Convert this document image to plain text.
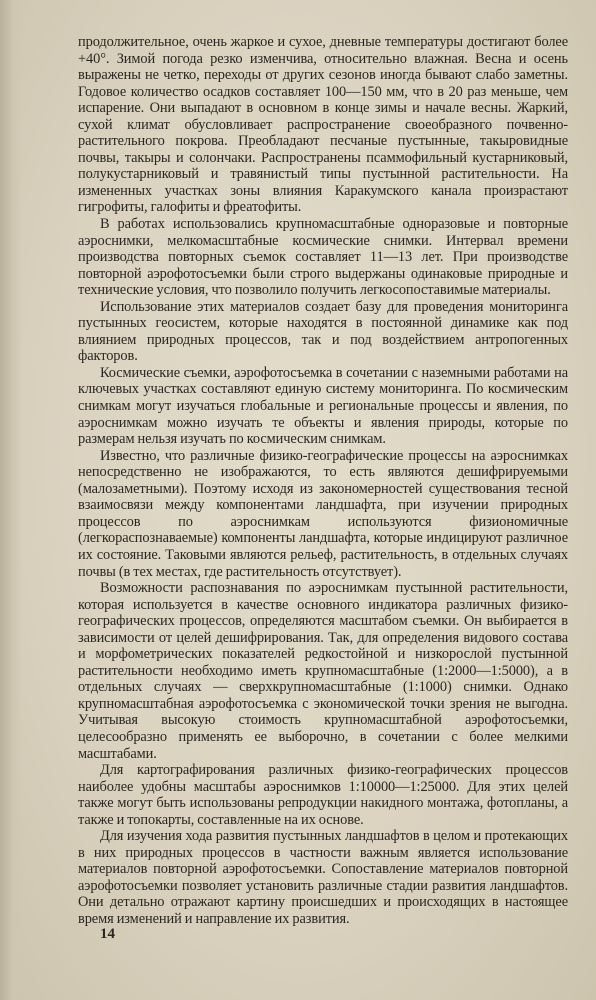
продолжительное, очень жаркое и сухое, дневные температуры достигают более +40°. Зимой погода резко изменчива, относительно влажная. Весна и осень выражены не четко, переходы от других сезонов иногда бывают слабо заметны. Годовое количество осадков составляет 100—150 мм, что в 20 раз меньше, чем испарение. Они выпадают в основном в конце зимы и начале весны. Жаркий, сухой климат обусловливает распространение своеобразного почвенно-растительного покрова. Преобладают песчаные пустынные, такыровидные почвы, такыры и солончаки. Распространены псаммофильный кустарниковый, полукустарниковый и травянистый типы пустынной растительности. На измененных участках зоны влияния Каракумского канала произрастают гигрофиты, галофиты и фреатофиты.

В работах использовались крупномасштабные одноразовые и повторные аэроснимки, мелкомасштабные космические снимки. Интервал времени производства повторных съемок составляет 11—13 лет. При производстве повторной аэрофотосъемки были строго выдержаны одинаковые природные и технические условия, что позволило получить легкосопоставимые материалы.

Использование этих материалов создает базу для проведения мониторинга пустынных геосистем, которые находятся в постоянной динамике как под влиянием природных процессов, так и под воздействием антропогенных факторов.

Космические съемки, аэрофотосъемка в сочетании с наземными работами на ключевых участках составляют единую систему мониторинга. По космическим снимкам могут изучаться глобальные и региональные процессы и явления, по аэроснимкам можно изучать те объекты и явления природы, которые по размерам нельзя изучать по космическим снимкам.

Известно, что различные физико-географические процессы на аэроснимках непосредственно не изображаются, то есть являются дешифрируемыми (малозаметными). Поэтому исходя из закономерностей существования тесной взаимосвязи между компонентами ландшафта, при изучении природных процессов по аэроснимкам используются физиономичные (легкораспознаваемые) компоненты ландшафта, которые индицируют различное их состояние. Таковыми являются рельеф, растительность, в отдельных случаях почвы (в тех местах, где растительность отсутствует).

Возможности распознавания по аэроснимкам пустынной растительности, которая используется в качестве основного индикатора различных физико-географических процессов, определяются масштабом съемки. Он выбирается в зависимости от целей дешифрирования. Так, для определения видового состава и морфометрических показателей редкостойной и низкорослой пустынной растительности необходимо иметь крупномасштабные (1:2000—1:5000), а в отдельных случаях — сверхкрупномасштабные (1:1000) снимки. Однако крупномасштабная аэрофотосъемка с экономической точки зрения не выгодна. Учитывая высокую стоимость крупномасштабной аэрофотосъемки, целесообразно применять ее выборочно, в сочетании с более мелкими масштабами.

Для картографирования различных физико-географических процессов наиболее удобны масштабы аэроснимков 1:10000—1:25000. Для этих целей также могут быть использованы репродукции накидного монтажа, фотопланы, а также и топокарты, составленные на их основе.

Для изучения хода развития пустынных ландшафтов в целом и протекающих в них природных процессов в частности важным является использование материалов повторной аэрофотосъемки. Сопоставление материалов повторной аэрофотосъемки позволяет установить различные стадии развития ландшафтов. Они детально отражают картину происшедших и происходящих в настоящее время изменений и направление их развития.

14
